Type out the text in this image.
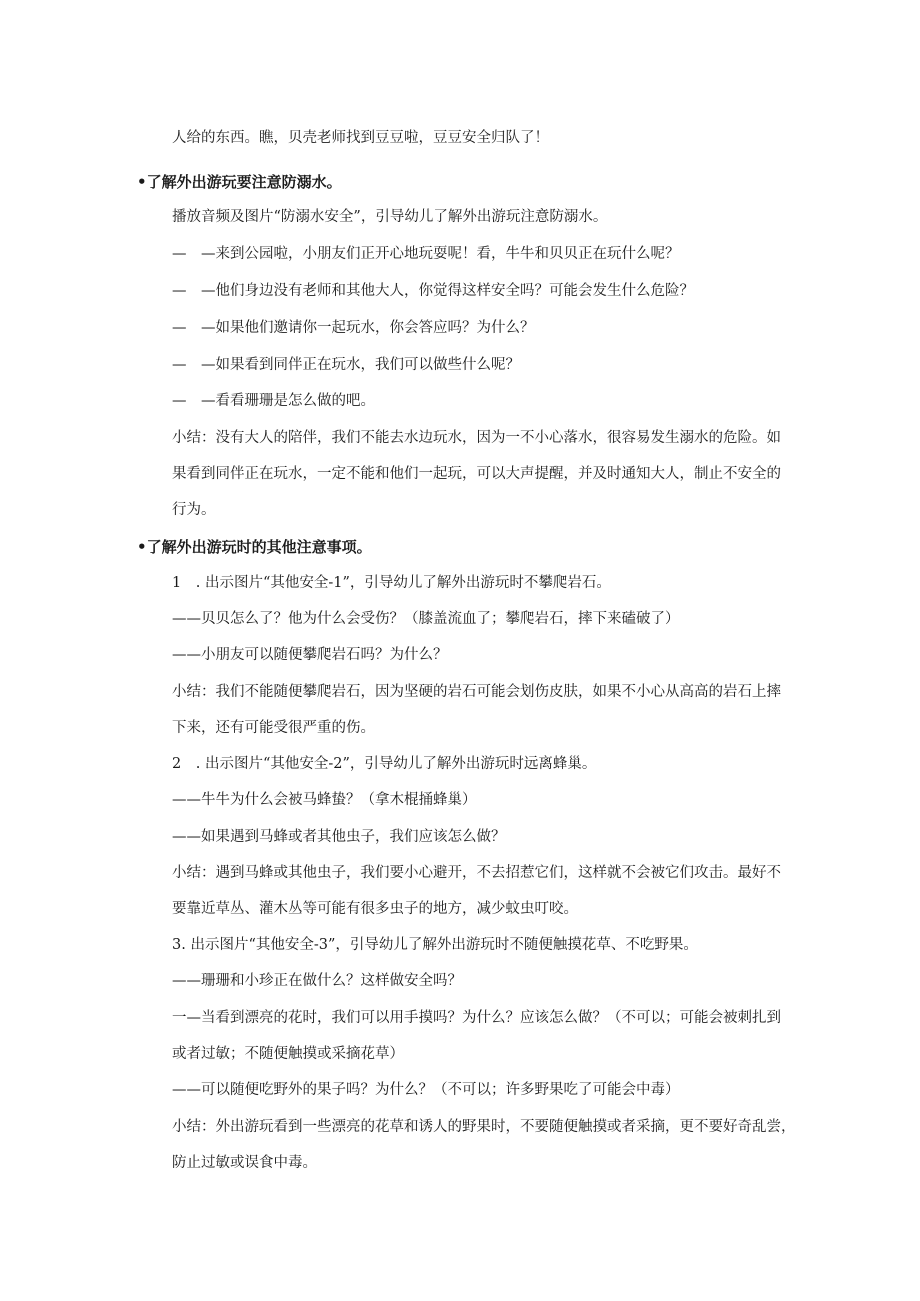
人给的东西。瞧，贝壳老师找到豆豆啦，豆豆安全归队了！
•了解外出游玩要注意防溺水。
播放音频及图片“防溺水安全”，引导幼儿了解外出游玩注意防溺水。
—　—来到公园啦，小朋友们正开心地玩耍呢！看，牛牛和贝贝正在玩什么呢？
—　—他们身边没有老师和其他大人，你觉得这样安全吗？可能会发生什么危险？
—　—如果他们邀请你一起玩水，你会答应吗？为什么？
—　—如果看到同伴正在玩水，我们可以做些什么呢？
—　—看看珊珊是怎么做的吧。
小结：没有大人的陪伴，我们不能去水边玩水，因为一不小心落水，很容易发生溺水的危险。如
果看到同伴正在玩水，一定不能和他们一起玩，可以大声提醒，并及时通知大人，制止不安全的
行为。
•了解外出游玩时的其他注意事项。
1　. 出示图片“其他安全-1”，引导幼儿了解外出游玩时不攀爬岩石。
——贝贝怎么了？他为什么会受伤？（膝盖流血了；攀爬岩石，摔下来磕破了）
——小朋友可以随便攀爬岩石吗？为什么？
小结：我们不能随便攀爬岩石，因为坚硬的岩石可能会划伤皮肤，如果不小心从高高的岩石上摔
下来，还有可能受很严重的伤。
2　. 出示图片“其他安全-2”，引导幼儿了解外出游玩时远离蜂巢。
——牛牛为什么会被马蜂蛰？（拿木棍捅蜂巢）
——如果遇到马蜂或者其他虫子，我们应该怎么做？
小结：遇到马蜂或其他虫子，我们要小心避开，不去招惹它们，这样就不会被它们攻击。最好不
要靠近草丛、灌木丛等可能有很多虫子的地方，减少蚊虫叮咬。
3. 出示图片“其他安全-3”，引导幼儿了解外出游玩时不随便触摸花草、不吃野果。
——珊珊和小珍正在做什么？这样做安全吗？
一—当看到漂亮的花时，我们可以用手摸吗？为什么？应该怎么做？（不可以；可能会被刺扎到
或者过敏；不随便触摸或采摘花草）
——可以随便吃野外的果子吗？为什么？（不可以；许多野果吃了可能会中毒）
小结：外出游玩看到一些漂亮的花草和诱人的野果时，不要随便触摸或者采摘，更不要好奇乱尝，
防止过敏或误食中毒。
